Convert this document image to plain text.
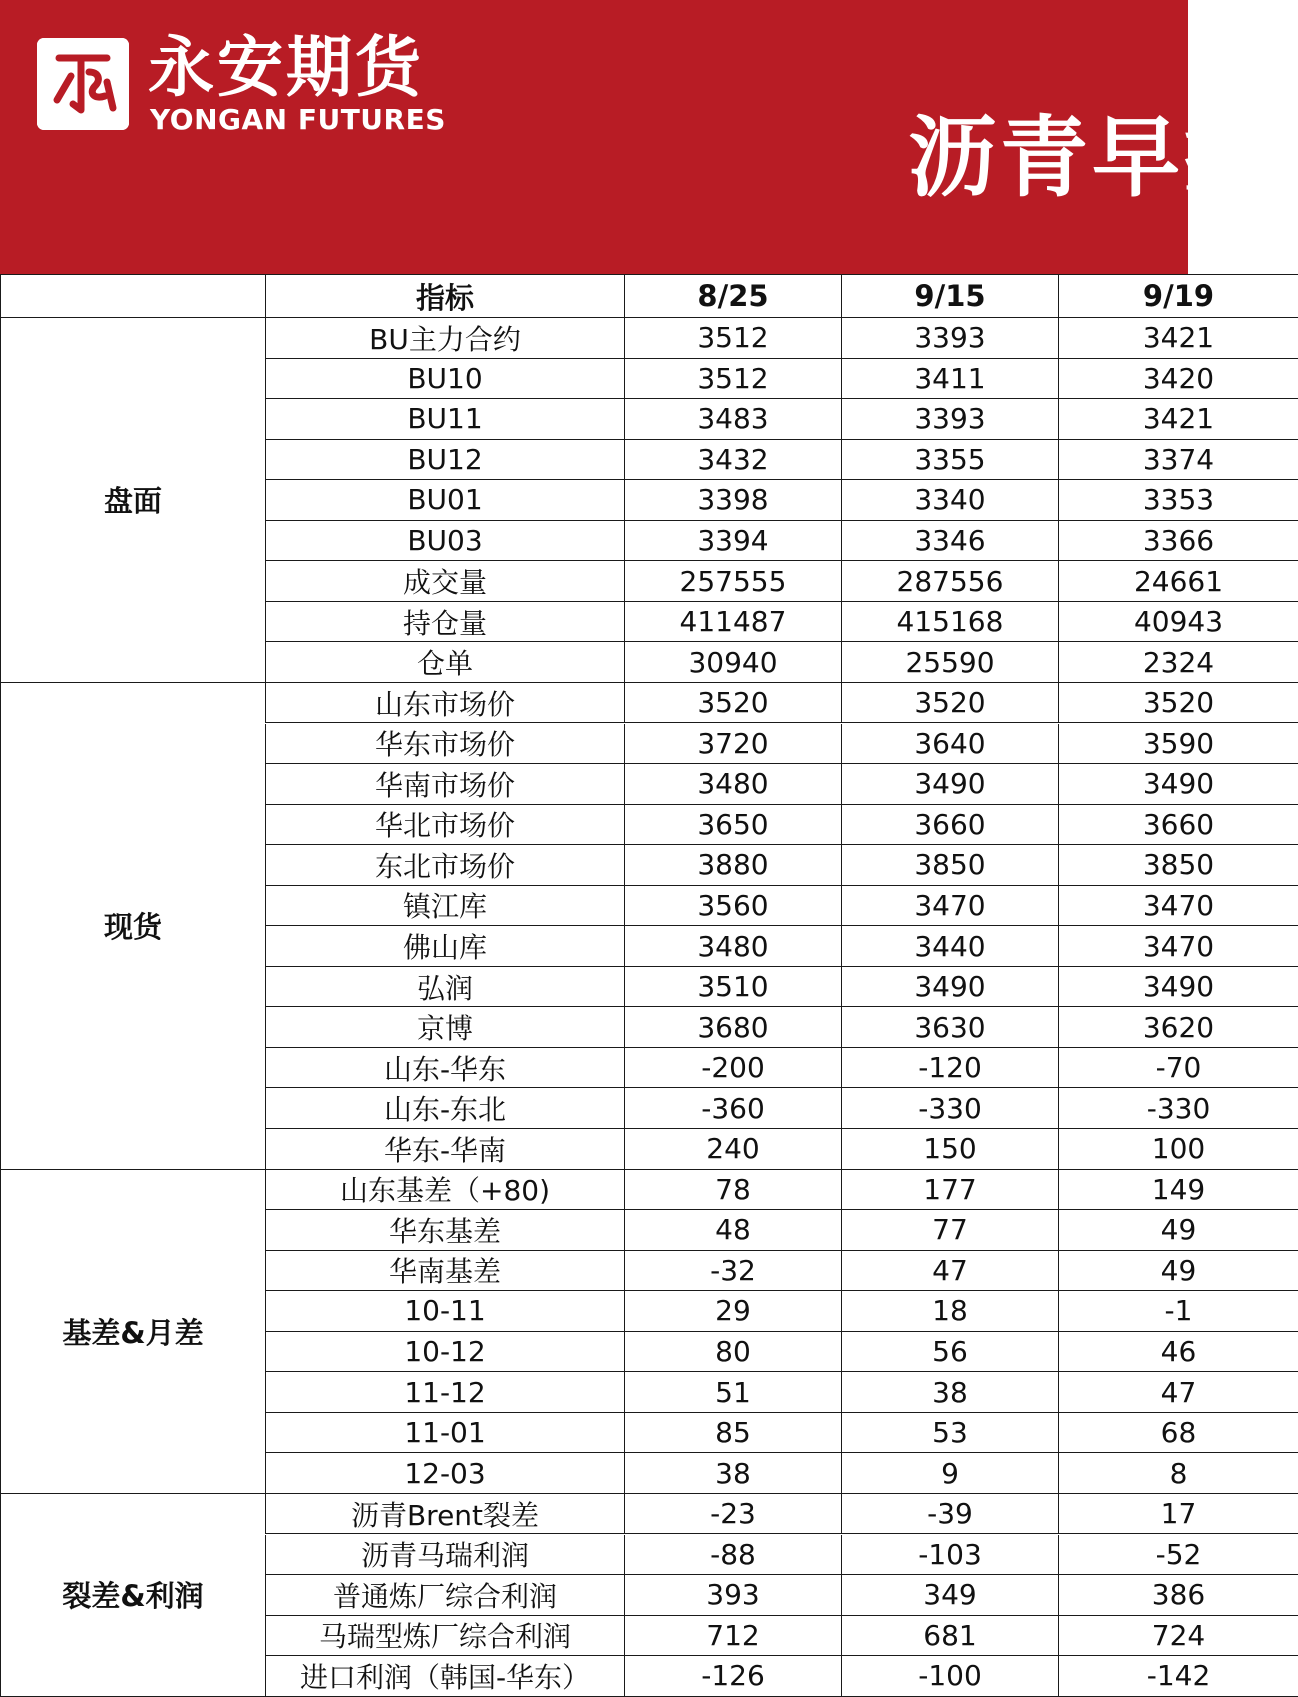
永安期货
YONGAN FUTURES	沥青早报
指标	8/25	9/15	9/19
盘面
BU主力合约	3512	3393	3421
BU10	3512	3411	3420
BU11	3483	3393	3421
BU12	3432	3355	3374
BU01	3398	3340	3353
BU03	3394	3346	3366
成交量	257555	287556	24661
持仓量	411487	415168	40943
仓单	30940	25590	2324
现货
山东市场价	3520	3520	3520
华东市场价	3720	3640	3590
华南市场价	3480	3490	3490
华北市场价	3650	3660	3660
东北市场价	3880	3850	3850
镇江库	3560	3470	3470
佛山库	3480	3440	3470
弘润	3510	3490	3490
京博	3680	3630	3620
山东-华东	-200	-120	-70
山东-东北	-360	-330	-330
华东-华南	240	150	100
基差&月差
山东基差（+80)	78	177	149
华东基差	48	77	49
华南基差	-32	47	49
10-11	29	18	-1
10-12	80	56	46
11-12	51	38	47
11-01	85	53	68
12-03	38	9	8
裂差&利润
沥青Brent裂差	-23	-39	17
沥青马瑞利润	-88	-103	-52
普通炼厂综合利润	393	349	386
马瑞型炼厂综合利润	712	681	724
进口利润（韩国-华东）	-126	-100	-142
